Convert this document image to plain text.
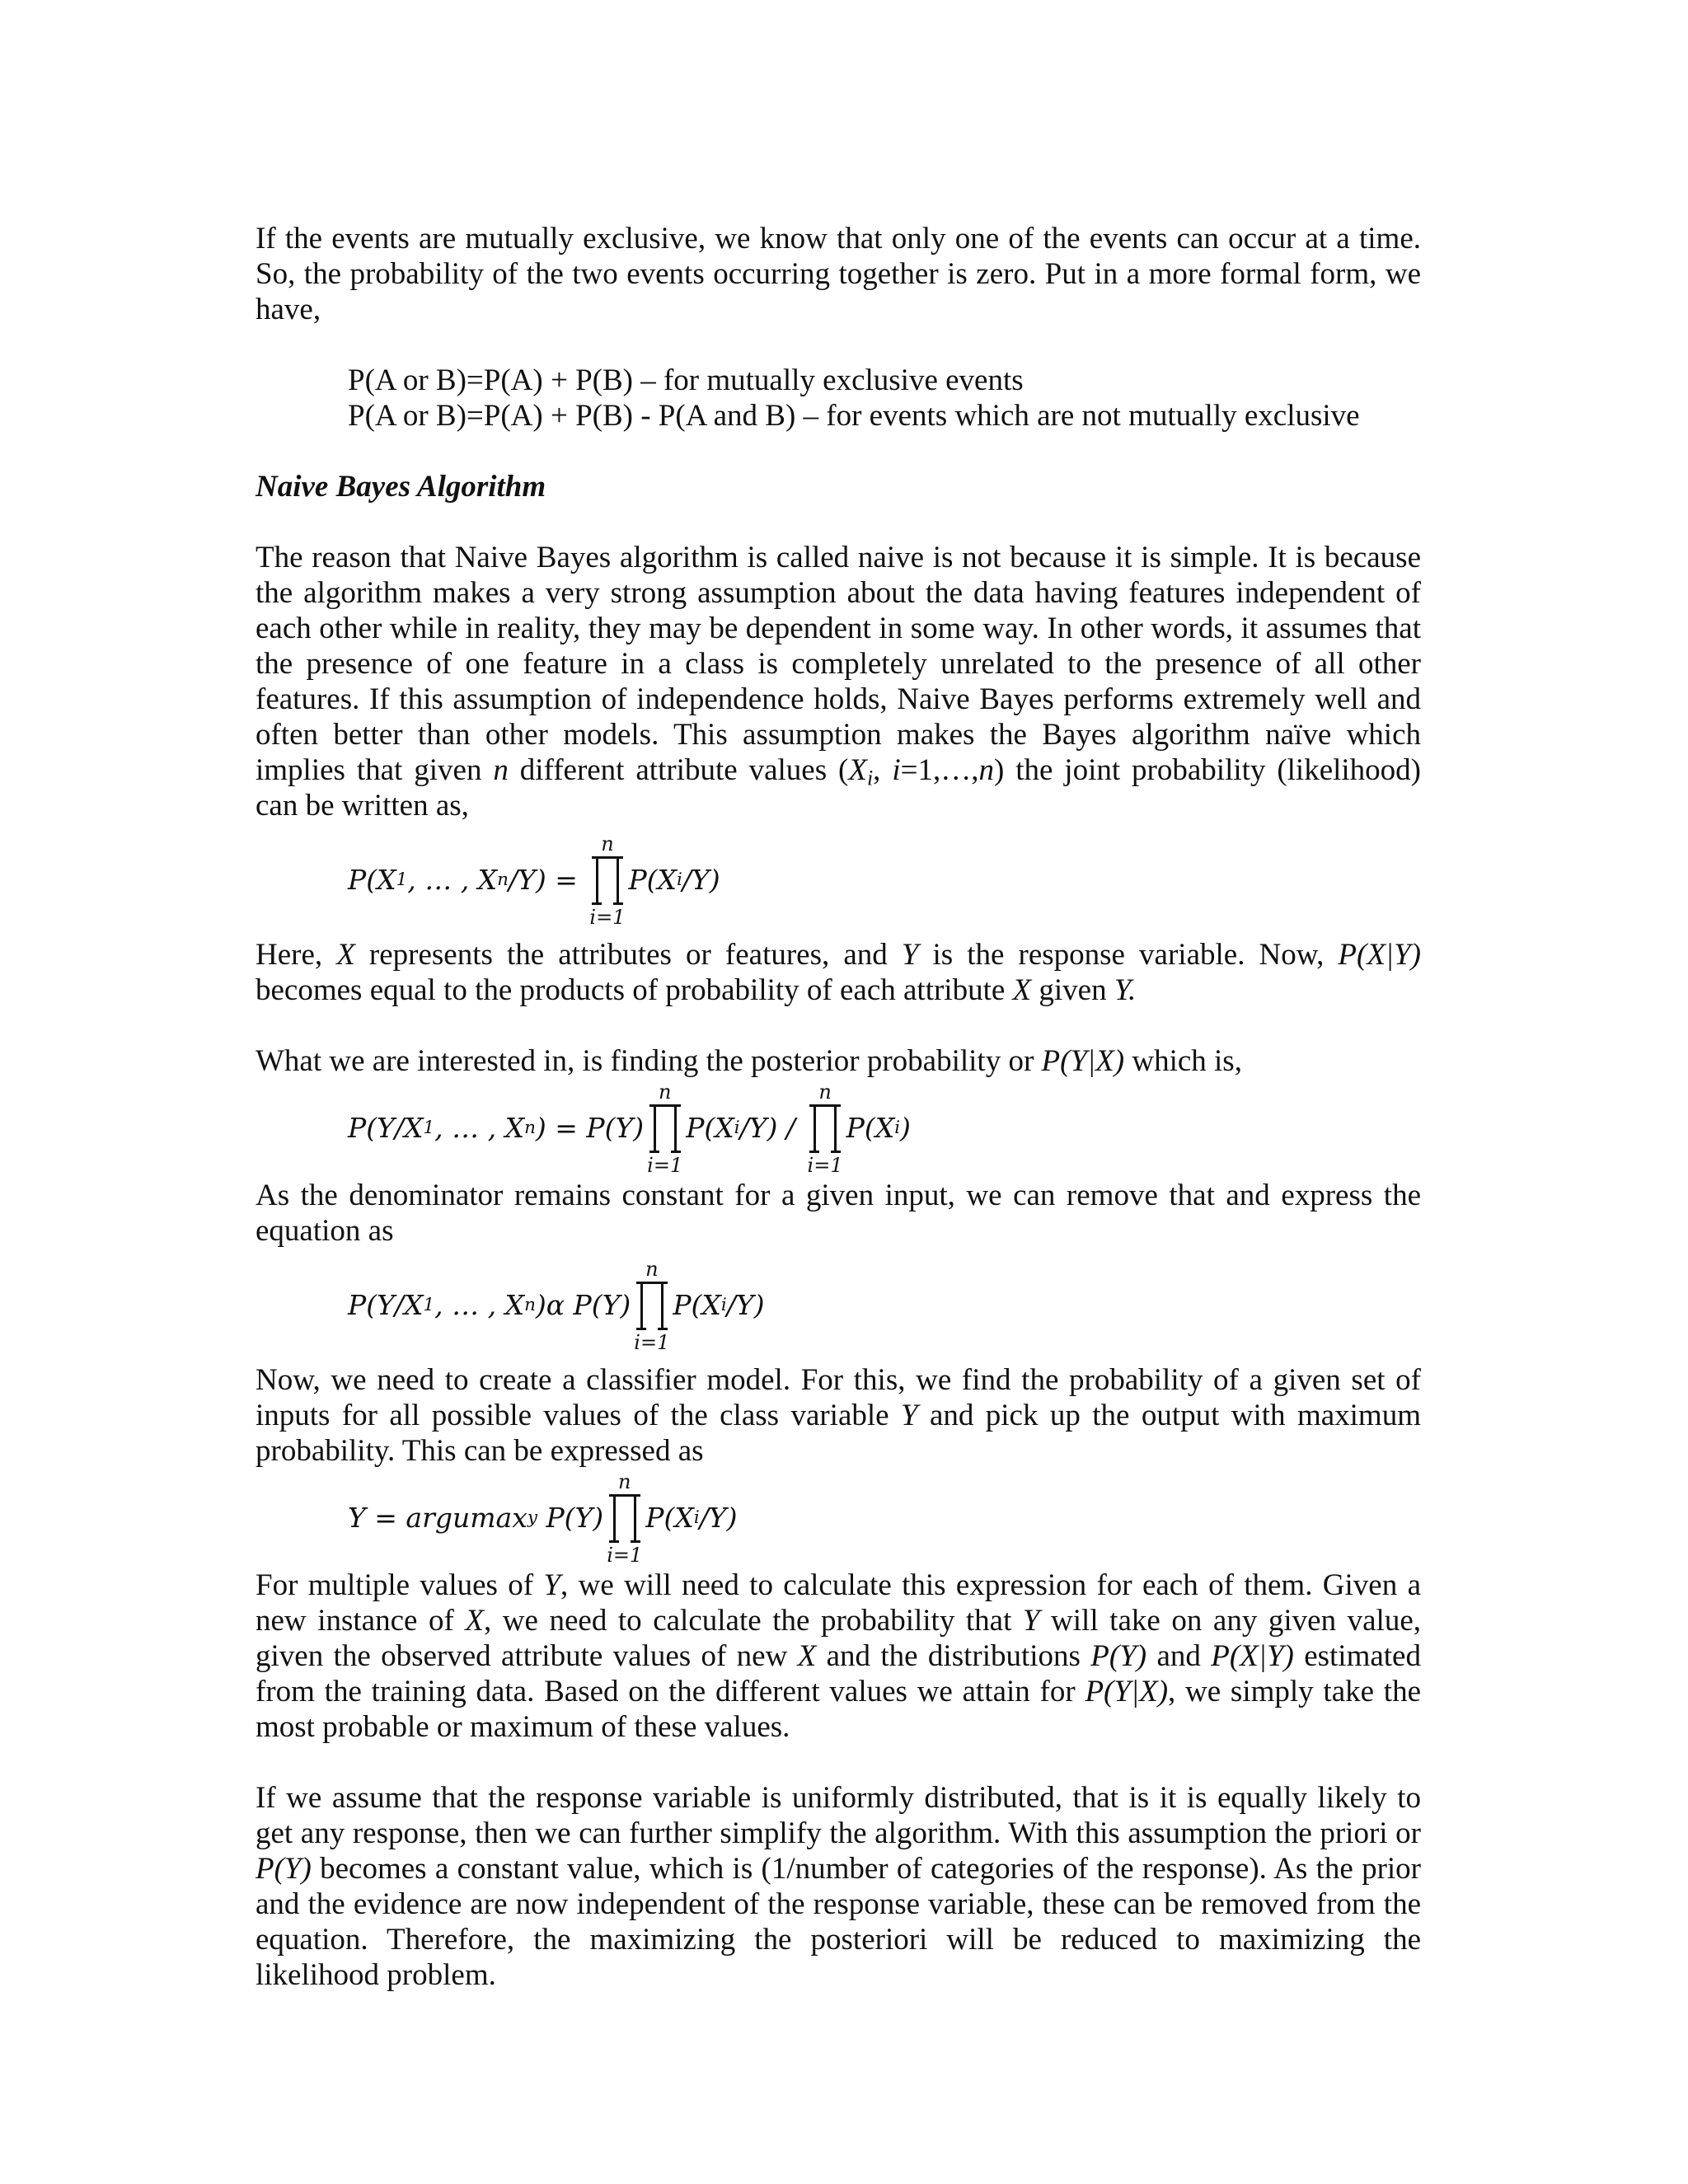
If the events are mutually exclusive, we know that only one of the events can occur at a time. So, the probability of the two events occurring together is zero. Put in a more formal form, we have,

P(A or B)=P(A) + P(B) – for mutually exclusive events

P(A or B)=P(A) + P(B) - P(A and B) – for events which are not mutually exclusive

Naive Bayes Algorithm

The reason that Naive Bayes algorithm is called naive is not because it is simple. It is because the algorithm makes a very strong assumption about the data having features independent of each other while in reality, they may be dependent in some way. In other words, it assumes that the presence of one feature in a class is completely unrelated to the presence of all other features. If this assumption of independence holds, Naive Bayes performs extremely well and often better than other models. This assumption makes the Bayes algorithm naïve which implies that given n different attribute values ($X_i$, i=1,…,n) the joint probability (likelihood) can be written as,

P(X 1 , … , X n /Y) =
n
i=1
P(X i /Y)

Here, X represents the attributes or features, and Y is the response variable. Now, P(X|Y) becomes equal to the products of probability of each attribute X given Y.

What we are interested in, is finding the posterior probability or P(Y|X) which is,

P(Y/X 1 , … , X n ) = P(Y)
n
i=1
P(X i /Y) /
n
i=1
P(X i )

As the denominator remains constant for a given input, we can remove that and express the equation as

P(Y/X 1 , … , X n )α P(Y)
n
i=1
P(X i /Y)

Now, we need to create a classifier model. For this, we find the probability of a given set of inputs for all possible values of the class variable Y and pick up the output with maximum probability. This can be expressed as

Y = argumax y P(Y)
n
i=1
P(X i /Y)

For multiple values of Y, we will need to calculate this expression for each of them. Given a new instance of X, we need to calculate the probability that Y will take on any given value, given the observed attribute values of new X and the distributions P(Y) and P(X|Y) estimated from the training data. Based on the different values we attain for P(Y|X), we simply take the most probable or maximum of these values.

If we assume that the response variable is uniformly distributed, that is it is equally likely to get any response, then we can further simplify the algorithm. With this assumption the priori or P(Y) becomes a constant value, which is (1/number of categories of the response). As the prior and the evidence are now independent of the response variable, these can be removed from the equation. Therefore, the maximizing the posteriori will be reduced to maximizing the likelihood problem.
